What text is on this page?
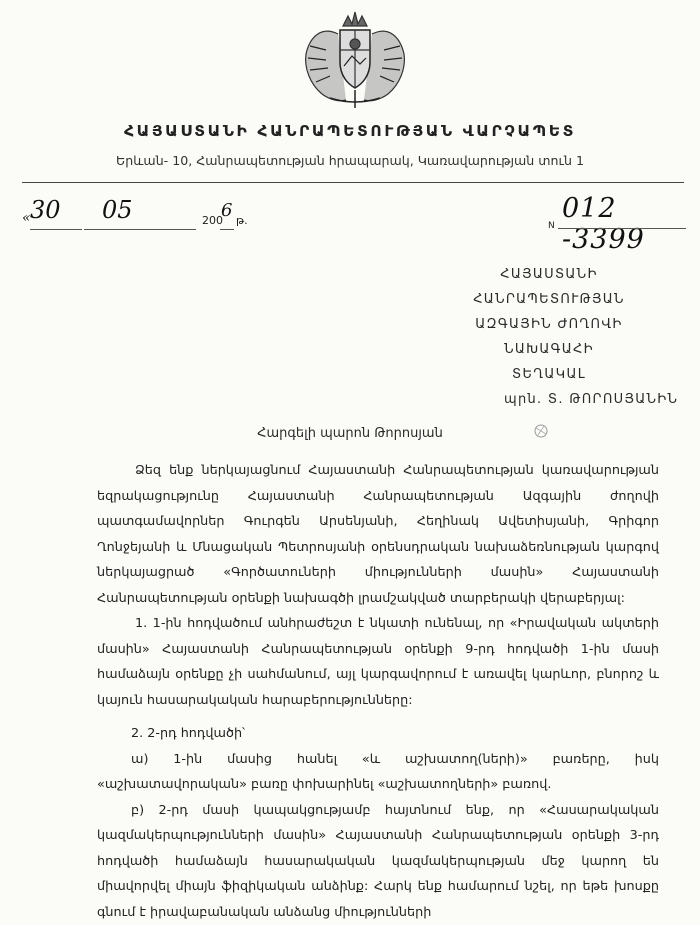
ՀԱՅԱՍՏԱՆԻ ՀԱՆՐԱՊԵՏՈՒԹՅԱՆ ՎԱՐՉԱՊԵՏ
Երևան- 10, Հանրապետության հրապարակ, Կառավարության տուն 1
« 30 05	200
6 թ.	N
012 -3399
ՀԱՅԱՍՏԱՆԻ ՀԱՆՐԱՊԵՏՈՒԹՅԱՆ
ԱԶԳԱՅԻՆ ԺՈՂՈՎԻ ՆԱԽԱԳԱՀԻ
ՏԵՂԱԿԱԼ
պրն. Տ. ԹՈՐՈՍՅԱՆԻՆ
Հարգելի պարոն Թորոսյան

Ձեզ ենք ներկայացնում Հայաստանի Հանրապետության կառավարության եզրակացությունը Հայաստանի Հանրապետության Ազգային ժողովի պատգամավորներ Գուրգեն Արսենյանի, Հեղինակ Ավետիսյանի, Գրիգոր Ղոնջեյանի և Մնացական Պետրոսյանի օրենսդրական նախաձեռնության կարգով ներկայացրած «Գործատուների միությունների մասին» Հայաստանի Հանրապետության օրենքի նախագծի լրամշակված տարբերակի վերաբերյալ:

1. 1-ին հոդվածում անհրաժեշտ է նկատի ունենալ, որ «Իրավական ակտերի մասին» Հայաստանի Հանրապետության օրենքի 9-րդ հոդվածի 1-ին մասի համաձայն օրենքը չի սահմանում, այլ կարգավորում է առավել կարևոր, բնորոշ և կայուն հասարակական հարաբերությունները:

2. 2-րդ հոդվածի՝

ա) 1-ին մասից հանել «և աշխատող(ների)» բառերը, իսկ «աշխատավորական» բառը փոխարինել «աշխատողների» բառով.

բ) 2-րդ մասի կապակցությամբ հայտնում ենք, որ «Հասարակական կազմակերպությունների մասին» Հայաստանի Հանրապետության օրենքի 3-րդ հոդվածի համաձայն հասարակական կազմակերպության մեջ կարող են միավորվել միայն ֆիզիկական անձինք: Հարկ ենք համարում նշել, որ եթե խոսքը գնում է իրավաբանական անձանց միությունների
